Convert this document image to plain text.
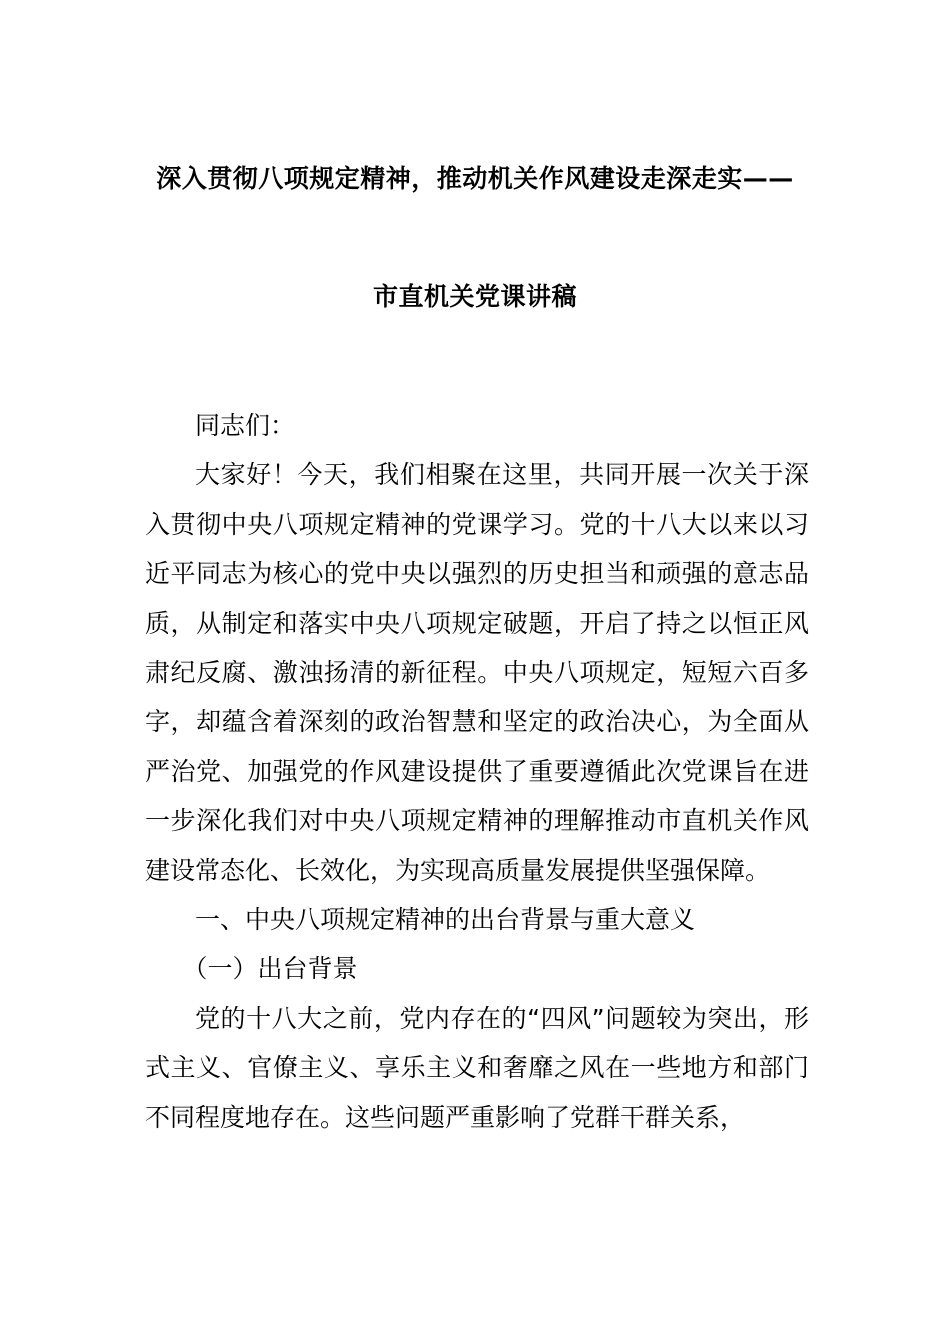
深入贯彻八项规定精神，推动机关作风建设走深走实——
市直机关党课讲稿

同志们：

大家好！今天，我们相聚在这里，共同开展一次关于深入贯彻中央八项规定精神的党课学习。党的十八大以来以习近平同志为核心的党中央以强烈的历史担当和顽强的意志品质，从制定和落实中央八项规定破题，开启了持之以恒正风肃纪反腐、激浊扬清的新征程。中央八项规定，短短六百多字，却蕴含着深刻的政治智慧和坚定的政治决心，为全面从严治党、加强党的作风建设提供了重要遵循此次党课旨在进一步深化我们对中央八项规定精神的理解推动市直机关作风建设常态化、长效化，为实现高质量发展提供坚强保障。

一、中央八项规定精神的出台背景与重大意义

（一）出台背景

党的十八大之前，党内存在的“四风”问题较为突出，形式主义、官僚主义、享乐主义和奢靡之风在一些地方和部门不同程度地存在。这些问题严重影响了党群干群关系，
